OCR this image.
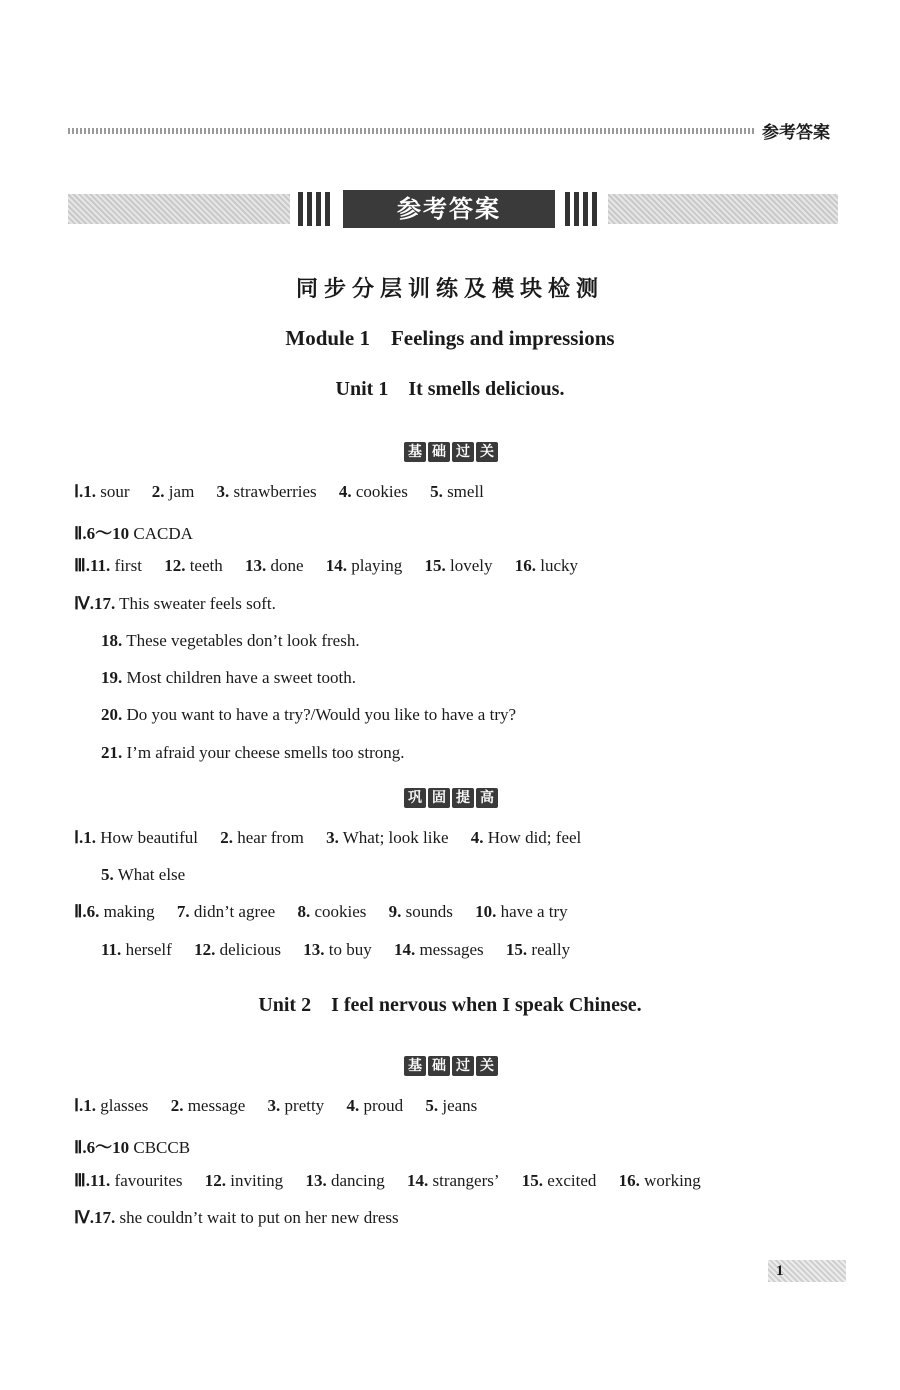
参考答案
参考答案
同步分层训练及模块检测
Module 1    Feelings and impressions
Unit 1    It smells delicious.
基 础 过 关
Ⅰ.1. sour 2. jam 3. strawberries 4. cookies 5. smell
Ⅱ.6～10 CACDA
Ⅲ.11. first 12. teeth 13. done 14. playing 15. lovely 16. lucky
Ⅳ.17. This sweater feels soft.
18. These vegetables don’t look fresh.
19. Most children have a sweet tooth.
20. Do you want to have a try?/Would you like to have a try?
21. I’m afraid your cheese smells too strong.
巩 固 提 高
Ⅰ.1. How beautiful 2. hear from 3. What; look like 4. How did; feel
5. What else
Ⅱ.6. making 7. didn’t agree 8. cookies 9. sounds 10. have a try
11. herself 12. delicious 13. to buy 14. messages 15. really
Unit 2    I feel nervous when I speak Chinese.
基 础 过 关
Ⅰ.1. glasses 2. message 3. pretty 4. proud 5. jeans
Ⅱ.6～10 CBCCB
Ⅲ.11. favourites 12. inviting 13. dancing 14. strangers’ 15. excited 16. working
Ⅳ.17. she couldn’t wait to put on her new dress
1
